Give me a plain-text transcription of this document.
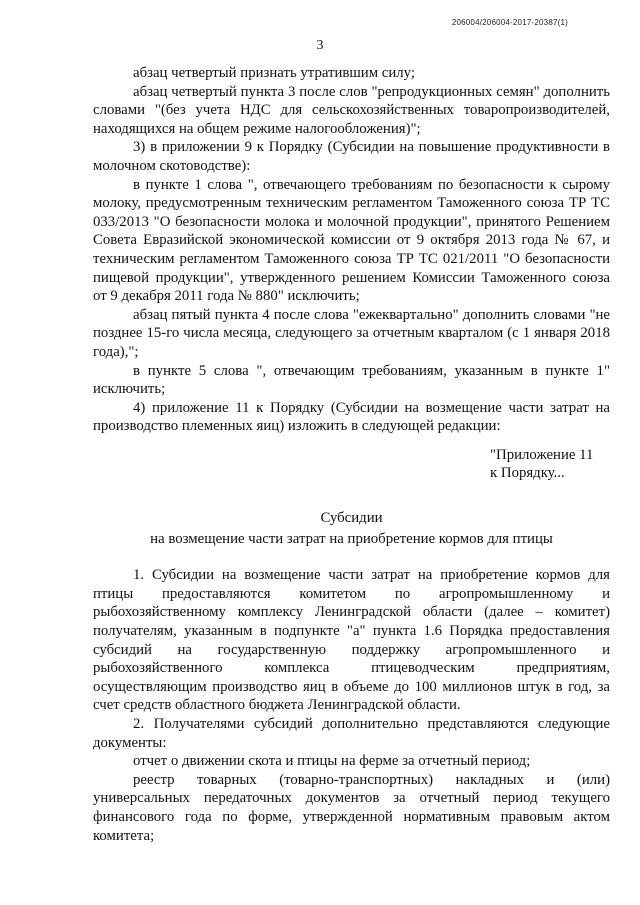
206004/206004-2017-20387(1)
3

абзац четвертый признать утратившим силу;

абзац четвертый пункта 3 после слов "репродукционных семян" дополнить словами "(без учета НДС для сельскохозяйственных товаропроизводителей, находящихся на общем режиме налогообложения)";

3) в приложении 9 к Порядку (Субсидии на повышение продуктивности в молочном скотоводстве):

в пункте 1 слова ", отвечающего требованиям по безопасности к сырому молоку, предусмотренным техническим регламентом Таможенного союза ТР ТС 033/2013 "О безопасности молока и молочной продукции", принятого Решением Совета Евразийской экономической комиссии от 9 октября 2013 года № 67, и техническим регламентом Таможенного союза ТР ТС 021/2011 "О безопасности пищевой продукции", утвержденного решением Комиссии Таможенного союза от 9 декабря 2011 года № 880" исключить;

абзац пятый пункта 4 после слова "ежеквартально" дополнить словами "не позднее 15-го числа месяца, следующего за отчетным кварталом (с 1 января 2018 года),";

в пункте 5 слова ", отвечающим требованиям, указанным в пункте 1" исключить;

4) приложение 11 к Порядку (Субсидии на возмещение части затрат на производство племенных яиц) изложить в следующей редакции:

"Приложение 11
к Порядку...
Субсидии
на возмещение части затрат на приобретение кормов для птицы

1. Субсидии на возмещение части затрат на приобретение кормов для птицы предоставляются комитетом по агропромышленному и рыбохозяйственному комплексу Ленинградской области (далее – комитет) получателям, указанным в подпункте "а" пункта 1.6 Порядка предоставления субсидий на государственную поддержку агропромышленного и рыбохозяйственного комплекса птицеводческим предприятиям, осуществляющим производство яиц в объеме до 100 миллионов штук в год, за счет средств областного бюджета Ленинградской области.

2. Получателями субсидий дополнительно представляются следующие документы:

отчет о движении скота и птицы на ферме за отчетный период;

реестр товарных (товарно-транспортных) накладных и (или) универсальных передаточных документов за отчетный период текущего финансового года по форме, утвержденной нормативным правовым актом комитета;
